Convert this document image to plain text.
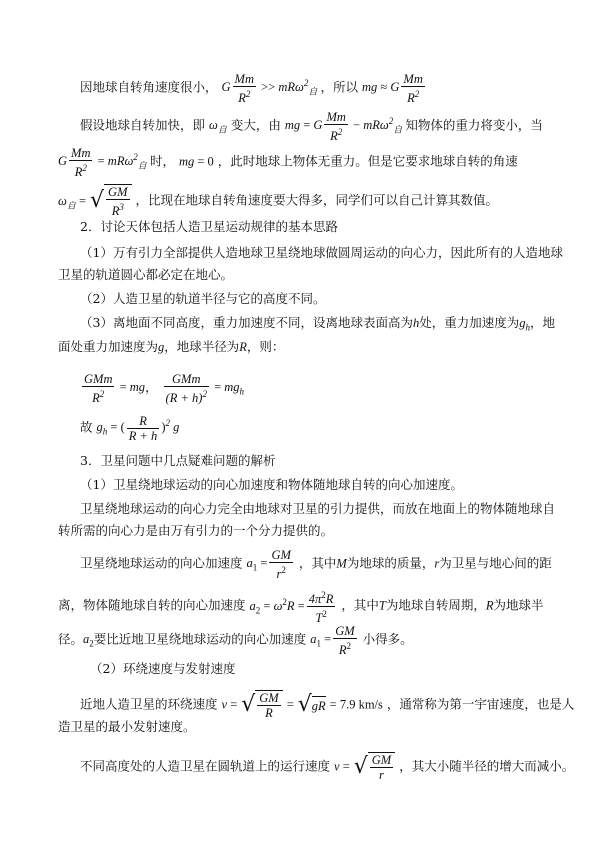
因地球自转角速度很小， G $\frac{Mm}{R^2} >> mR\omega^2_自$ ，所以 mg ≈ G $\frac{Mm}{R^2}$
假设地球自转加快，即 $\omega_自$ 变大，由 mg = G $\frac{Mm}{R^2} - mR\omega^2_自$ 知物体的重力将变小，当
G $\frac{Mm}{R^2} = mR\omega^2_自$ 时， mg = 0 ，此时地球上物体无重力。但是它要求地球自转的角速
$\omega_自$ = √ $\frac{GM}{R^3}$ ，比现在地球自转角速度要大得多，同学们可以自己计算其数值。
2．讨论天体包括人造卫星运动规律的基本思路
（1）万有引力全部提供人造地球卫星绕地球做圆周运动的向心力，因此所有的人造地球
卫星的轨道圆心都必定在地心。
（2）人造卫星的轨道半径与它的高度不同。
（3）离地面不同高度，重力加速度不同，设离地球表面高为h处，重力加速度为$g_h$，地
面处重力加速度为g，地球半径为R，则：
$\frac{\text{GMm}}{R^2}$ = mg， $\frac{\text{GMm}}{(R + h)^2} = mg_h$
故 $g_h$ = ( $\frac{R}{R + h} )^2$ g
3．卫星问题中几点疑难问题的解析
（1）卫星绕地球运动的向心加速度和物体随地球自转的向心加速度。
卫星绕地球运动的向心力完全由地球对卫星的引力提供，而放在地面上的物体随地球自
转所需的向心力是由万有引力的一个分力提供的。
卫星绕地球运动的向心加速度 $a_1 = \frac{GM}{r^2}$ ，其中M为地球的质量，r为卫星与地心间的距
离，物体随地球自转的向心加速度 $a_2 = \omega^2R = \frac{4\pi^2R}{T^2}$ ，其中T为地球自转周期，R为地球半
径。$a_2$要比近地卫星绕地球运动的向心加速度 $a_1 = \frac{GM}{R^2}$ 小得多。
（2）环绕速度与发射速度
近地人造卫星的环绕速度 v = √ $\frac{GM}{R} = √gR = 7.9$ km/s ，通常称为第一宇宙速度，也是人
造卫星的最小发射速度。
不同高度处的人造卫星在圆轨道上的运行速度 v = √ $\frac{GM}{r}$ ，其大小随半径的增大而减小。
